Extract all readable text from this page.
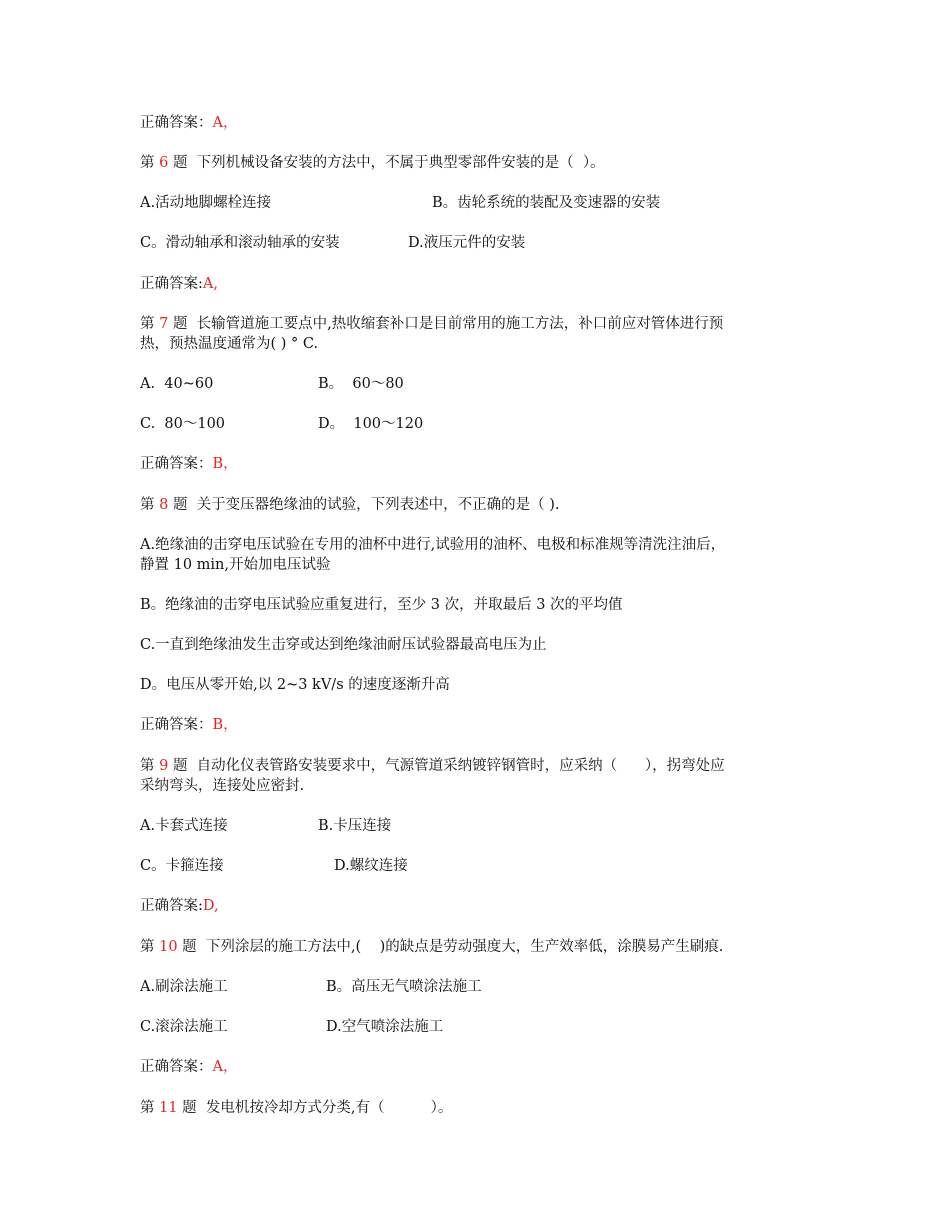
正确答案：A，
第 6 题  下列机械设备安装的方法中，不属于典型零部件安装的是（  ）。

A.活动地脚螺栓连接

	B。齿轮系统的装配及变速器的安装

C。滑动轴承和滚动轴承的安装

	D.液压元件的安装

正确答案:A,
第 7 题  长输管道施工要点中,热收缩套补口是目前常用的施工方法，补口前应对管体进行预
热，预热温度通常为( ) ° C.

A.  40~60

	B。  60～80

C.  80～100

	D。  100～120

正确答案：B，
第 8 题  关于变压器绝缘油的试验，下列表述中，不正确的是（ ).
A.绝缘油的击穿电压试验在专用的油杯中进行,试验用的油杯、电极和标准规等清洗注油后，
静置 10 min,开始加电压试验
B。绝缘油的击穿电压试验应重复进行，至少 3 次，并取最后 3 次的平均值
C.一直到绝缘油发生击穿或达到绝缘油耐压试验器最高电压为止
D。电压从零开始,以 2~3 kV/s 的速度逐渐升高
正确答案：B，
第 9 题  自动化仪表管路安装要求中，气源管道采纳镀锌钢管时，应采纳（      ），拐弯处应
采纳弯头，连接处应密封.

A.卡套式连接

	B.卡压连接

C。卡箍连接

	D.螺纹连接

正确答案:D,
第 10 题  下列涂层的施工方法中,(    )的缺点是劳动强度大，生产效率低，涂膜易产生刷痕.

A.刷涂法施工

	B。高压无气喷涂法施工

C.滚涂法施工

	D.空气喷涂法施工

正确答案：A，
第 11 题  发电机按冷却方式分类,有（          ）。
